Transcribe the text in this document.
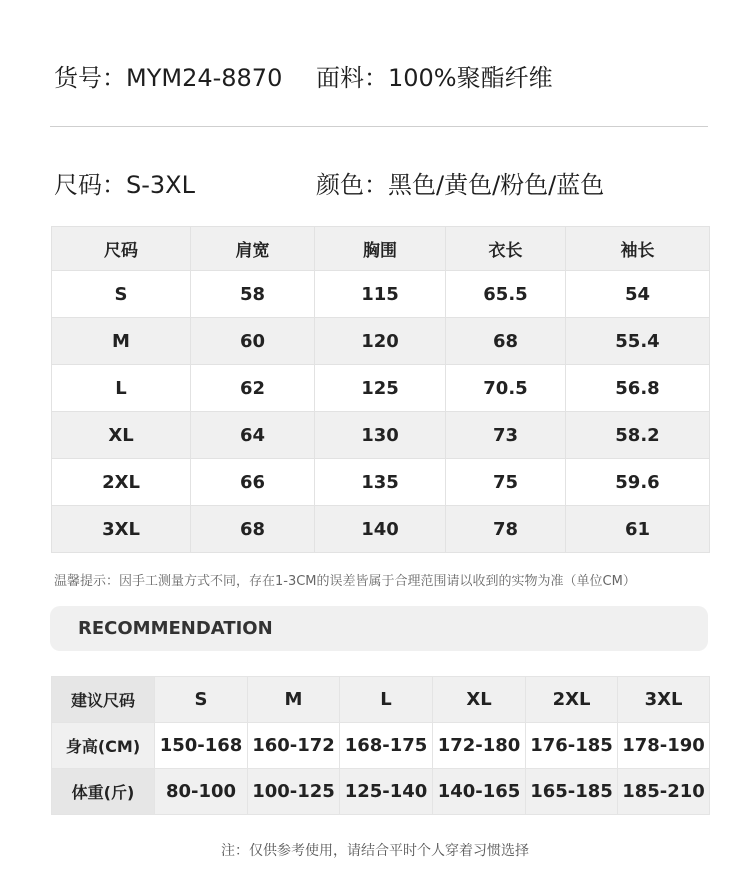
货号：MYM24-8870 面料：100%聚酯纤维
尺码：S-3XL	颜色：黑色/黄色/粉色/蓝色
尺码	肩宽	胸围	衣长	袖长
S	58	115	65.5	54
M	60	120	68	55.4
L	62	125	70.5	56.8
XL	64	130	73	58.2
2XL	66	135	75	59.6
3XL	68	140	78	61
温馨提示：因手工测量方式不同，存在1-3CM的误差皆属于合理范围请以收到的实物为准（单位CM）
RECOMMENDATION
建议尺码	S	M	L	XL	2XL	3XL
身高(CM)	150-168	160-172	168-175	172-180	176-185	178-190
体重(斤)	80-100	100-125	125-140	140-165	165-185	185-210
注：仅供参考使用，请结合平时个人穿着习惯选择
